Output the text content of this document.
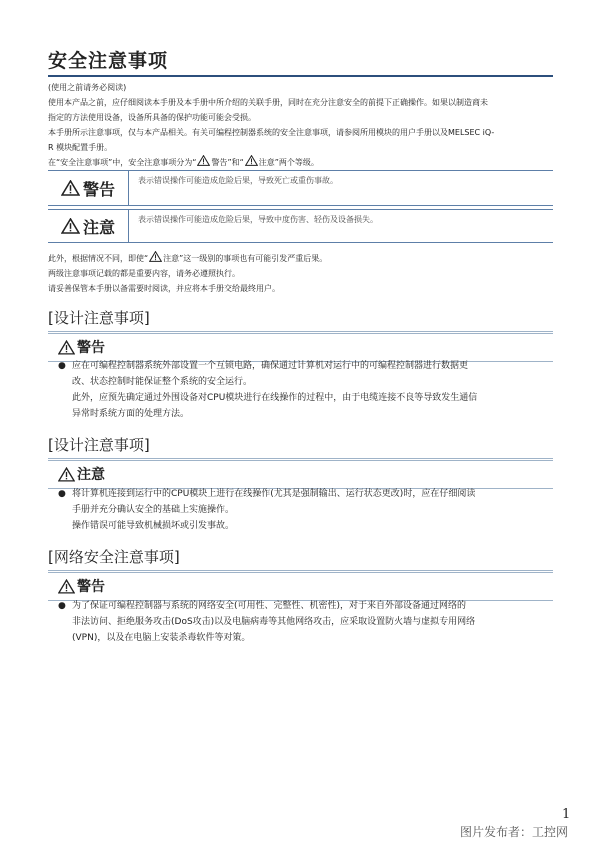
安全注意事项

(使用之前请务必阅读)

使用本产品之前，应仔细阅读本手册及本手册中所介绍的关联手册，同时在充分注意安全的前提下正确操作。如果以制造商未

指定的方法使用设备，设备所具备的保护功能可能会受损。

本手册所示注意事项，仅与本产品相关。有关可编程控制器系统的安全注意事项，请参阅所用模块的用户手册以及MELSEC iQ-

R 模块配置手册。

在“安全注意事项”中，安全注意事项分为“ 警告”和“ 注意”两个等级。

警告	表示错误操作可能造成危险后果，导致死亡或重伤事故。
注意	表示错误操作可能造成危险后果，导致中度伤害、轻伤及设备损失。

此外，根据情况不同，即使“ 注意”这一级别的事项也有可能引发严重后果。

两级注意事项记载的都是重要内容，请务必遵照执行。

请妥善保管本手册以备需要时阅读，并应将本手册交给最终用户。

[设计注意事项]
警告
● 应在可编程控制器系统外部设置一个互锁电路，确保通过计算机对运行中的可编程控制器进行数据更

改、状态控制时能保证整个系统的安全运行。

此外，应预先确定通过外围设备对CPU模块进行在线操作的过程中，由于电缆连接不良等导致发生通信

异常时系统方面的处理方法。

[设计注意事项]
注意
● 将计算机连接到运行中的CPU模块上进行在线操作(尤其是强制输出、运行状态更改)时，应在仔细阅读

手册并充分确认安全的基础上实施操作。

操作错误可能导致机械损坏或引发事故。

[网络安全注意事项]
警告
● 为了保证可编程控制器与系统的网络安全(可用性、完整性、机密性)，对于来自外部设备通过网络的

非法访问、拒绝服务攻击(DoS攻击)以及电脑病毒等其他网络攻击，应采取设置防火墙与虚拟专用网络

(VPN)，以及在电脑上安装杀毒软件等对策。

1
图片发布者：工控网
